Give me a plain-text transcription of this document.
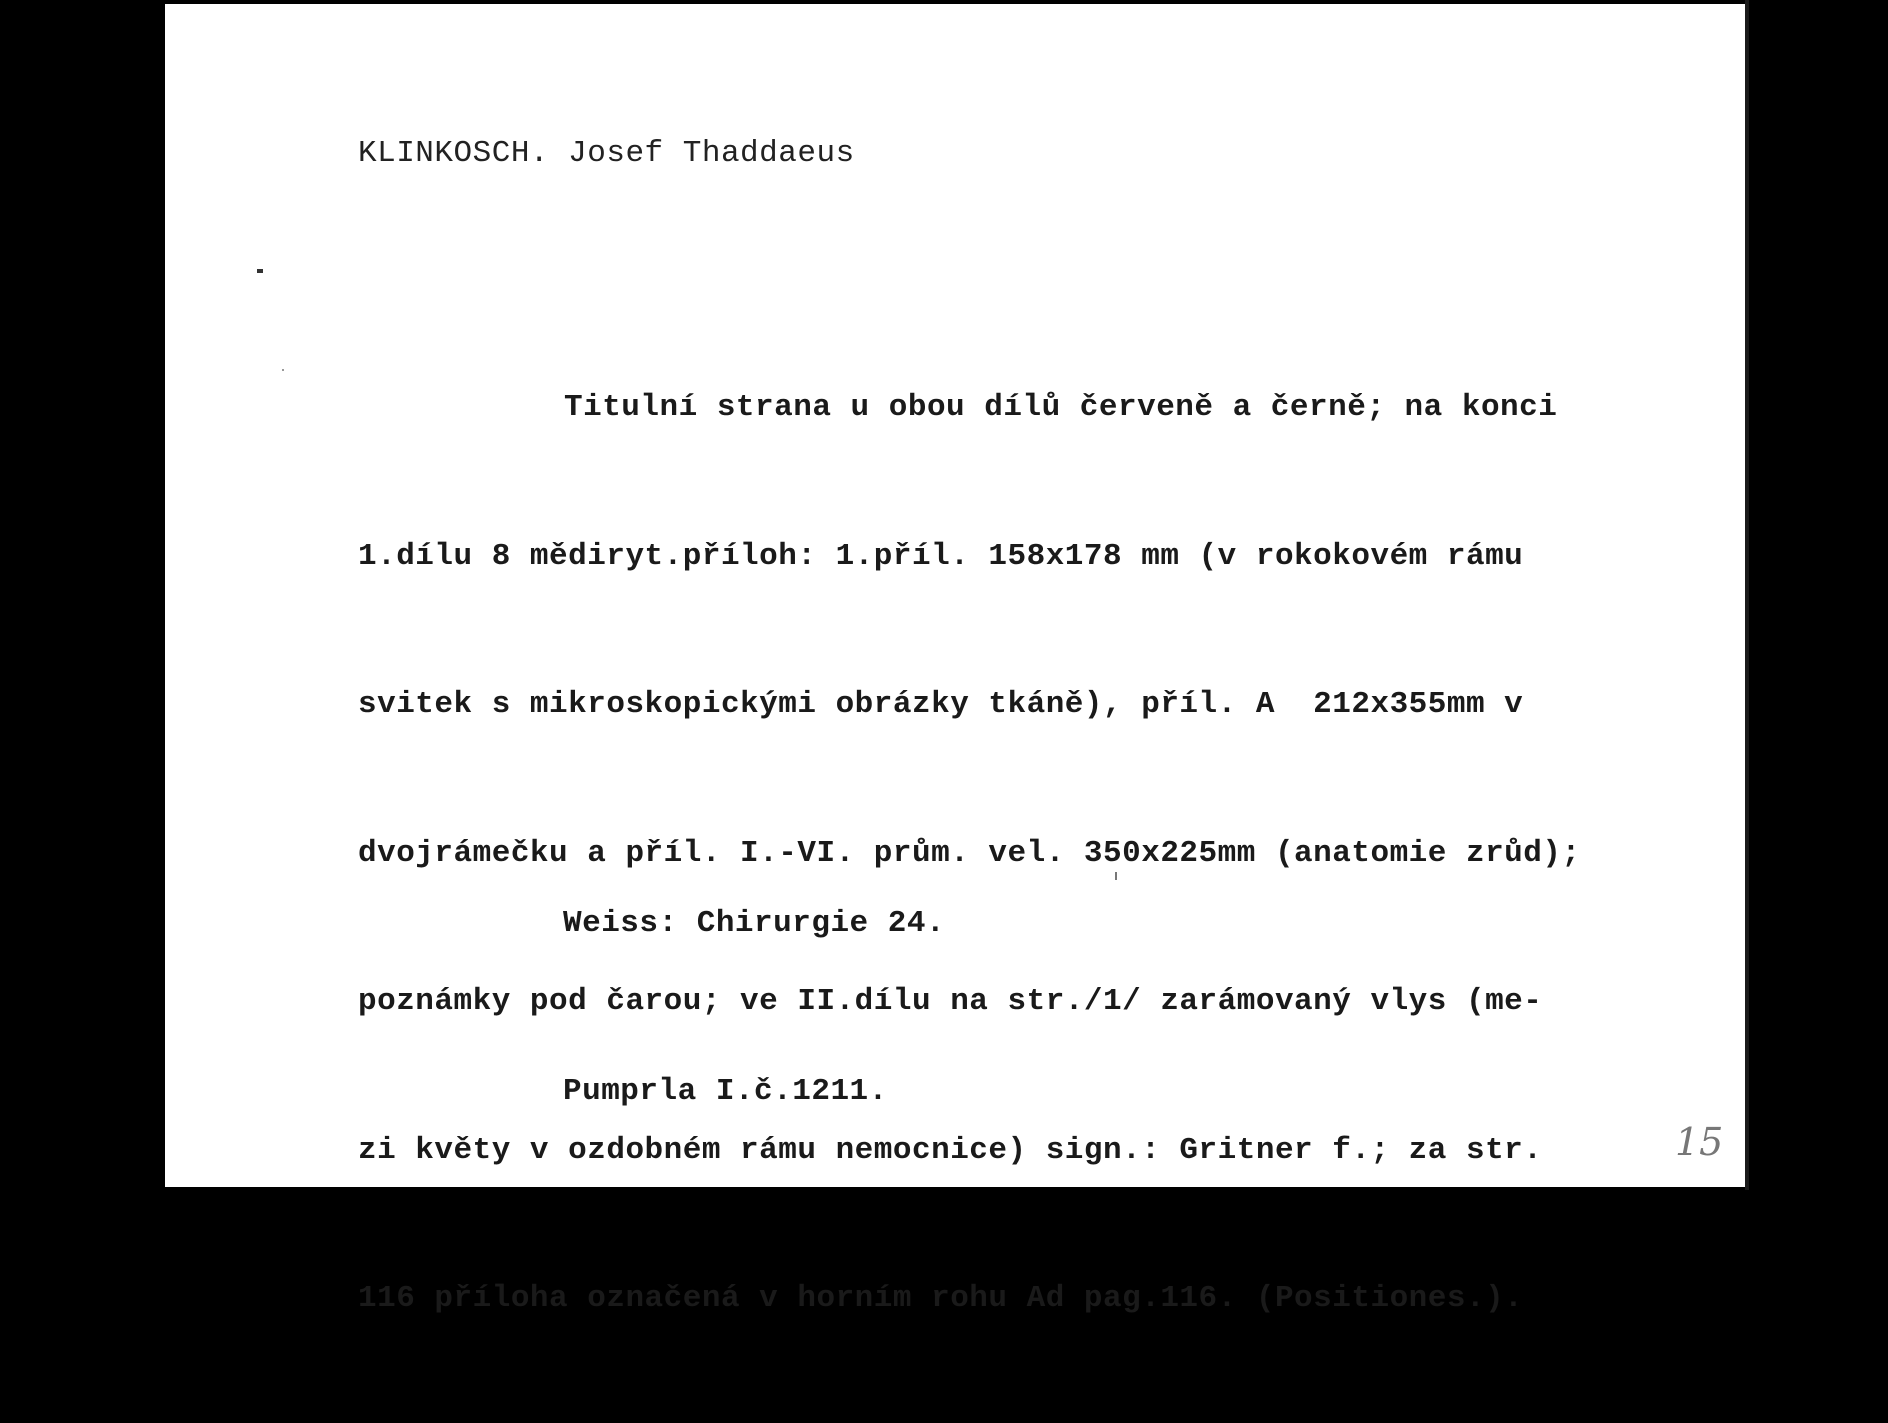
KLINKOSCH. Josef Thaddaeus

Titulní strana u obou dílů červeně a černě; na konci

1.dílu 8 mědiryt.příloh: 1.příl. 158x178 mm (v rokokovém rámu

svitek s mikroskopickými obrázky tkáně), příl. A  212x355mm v

dvojrámečku a příl. I.-VI. prům. vel. 350x225mm (anatomie zrůd);

poznámky pod čarou; ve II.dílu na str./1/ zarámovaný vlys (me-

zi květy v ozdobném rámu nemocnice) sign.: Gritner f.; za str.

116 příloha označená v horním rohu Ad pag.116. (Positiones.).

Weiss: Chirurgie 24.

Pumprla I.č.1211.

15
